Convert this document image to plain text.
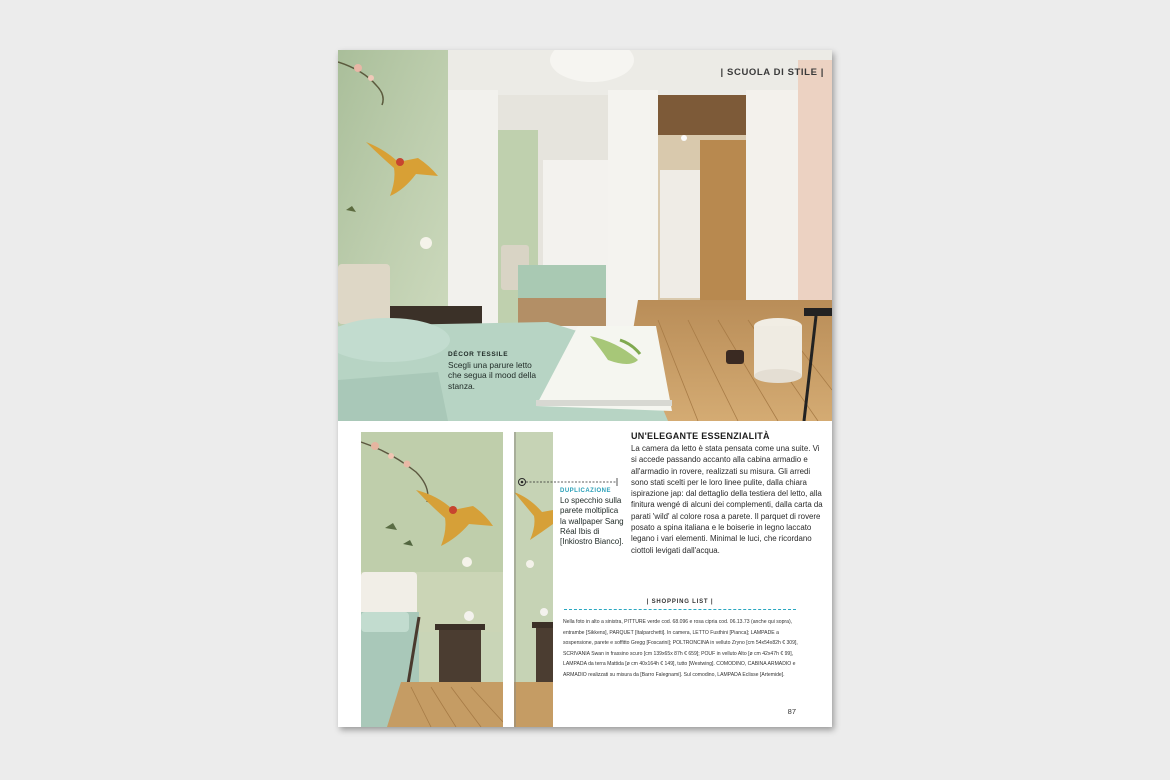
| SCUOLA DI STILE |
DÉCOR TESSILE
Scegli una parure letto che segua il mood della stanza.
DUPLICAZIONE
Lo specchio sulla parete moltiplica la wallpaper Sang Réal Ibis di [Inkiostro Bianco].
UN'ELEGANTE ESSENZIALITÀ
La camera da letto è stata pensata come una suite. Vi si accede passando accanto alla cabina armadio e all'armadio in rovere, realizzati su misura. Gli arredi sono stati scelti per le loro linee pulite, dalla chiara ispirazione jap: dal dettaglio della testiera del letto, alla finitura wengé di alcuni dei complementi, dalla carta da parati 'wild' al colore rosa a parete. Il parquet di rovere posato a spina italiana e le boiserie in legno laccato legano i vari elementi. Minimal le luci, che ricordano ciottoli levigati dall'acqua.
| SHOPPING LIST |
Nella foto in alto a sinistra, PITTURE verde cod. 68.096 e rosa cipria cod. 06.13.73 (anche qui sopra), entrambe [Sikkens], PARQUET [Italparchetti]. In camera, LETTO Fusthini [Pianca]; LAMPADE a sospensione, parete e soffitto Gregg [Foscarini]; POLTRONCINA in velluto Zryno [cm 54x54x82h € 309], SCRIVANIA Swan in frassino scuro [cm 139x65x 87h € 659]; POUF in velluto Alto [ø cm 42x47h € 99], LAMPADA da terra Mattida [ø cm 40x164h € 149], tutto [Westwing]. COMODINO, CABINA ARMADIO e ARMADIO realizzati su misura da [Barro Falegnami]. Sul comodino, LAMPADA Eclisse [Artemide].
87
